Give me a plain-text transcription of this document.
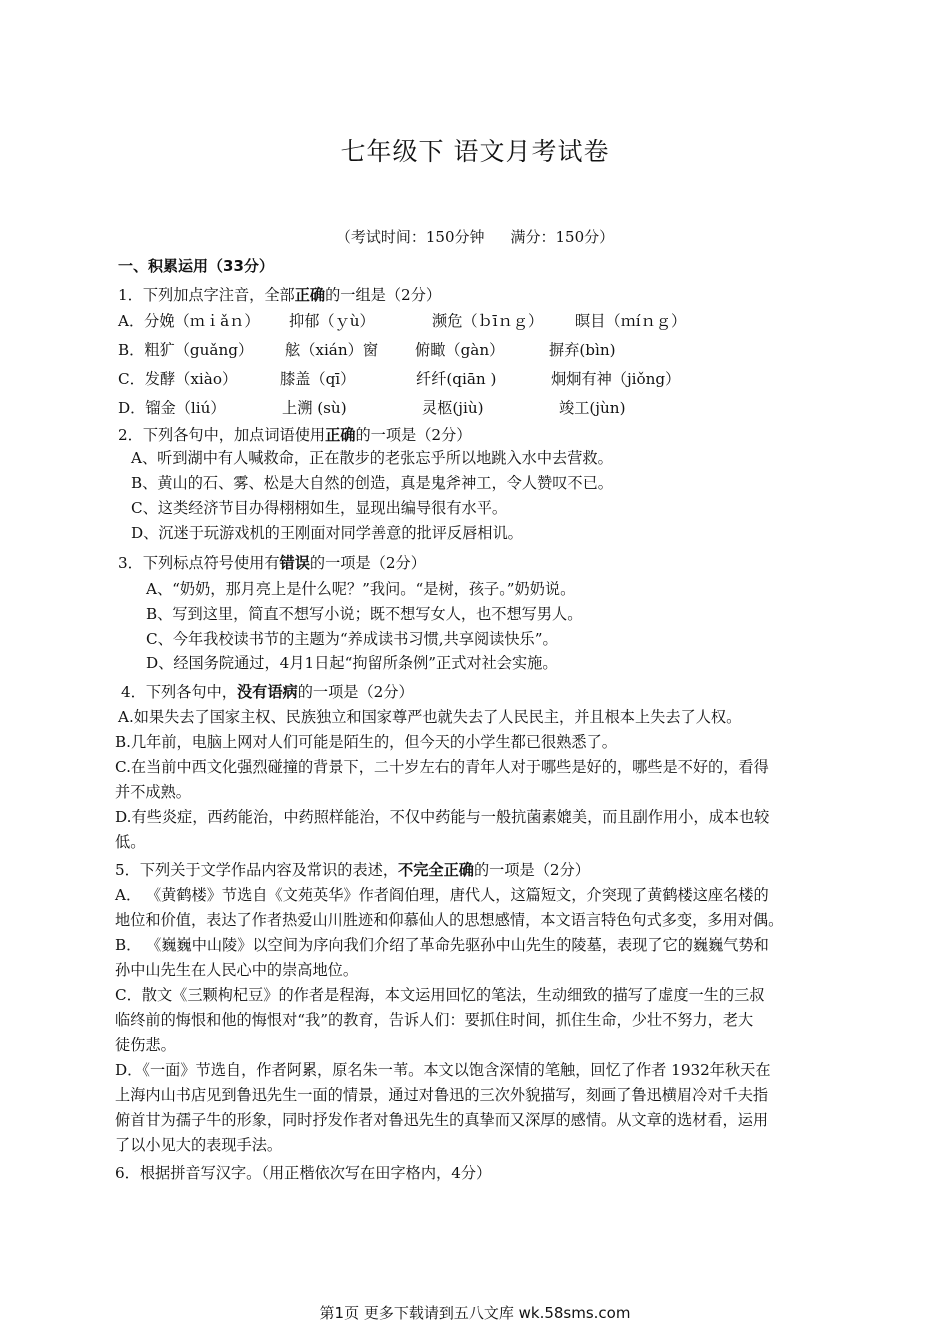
七年级下 语文月考试卷
（考试时间：150分钟 满分：150分）
一、积累运用（33分）
1．下列加点字注音，全部正确的一组是（2分）
A．分娩（ｍｉǎｎ） 抑郁（ｙù）	濒危（ｂīｎｇ） 暝目（ｍíｎｇ）
B．粗犷（guǎng） 舷（xián）窗 俯瞰（gàn）	摒弃(bìn)
C．发酵（xiào）	膝盖（qī）	纤纤(qiān )	炯炯有神（jiǒng）
D．镏金（liú）	上溯 (sù)	灵柩(jiù)	竣工(jùn)
2．下列各句中，加点词语使用正确的一项是（2分）
A、听到湖中有人喊救命，正在散步的老张忘乎所以地跳入水中去营救。
B、黄山的石、雾、松是大自然的创造，真是鬼斧神工，令人赞叹不已。
C、这类经济节目办得栩栩如生，显现出编导很有水平。
D、沉迷于玩游戏机的王刚面对同学善意的批评反唇相讥。
3．下列标点符号使用有错误的一项是（2分）
A、“奶奶，那月亮上是什么呢？”我问。“是树，孩子。”奶奶说。
B、写到这里，简直不想写小说；既不想写女人，也不想写男人。
C、今年我校读书节的主题为“养成读书习惯,共享阅读快乐”。
D、经国务院通过，4月1日起“拘留所条例”正式对社会实施。
4．下列各句中，没有语病的一项是（2分）
A.如果失去了国家主权、民族独立和国家尊严也就失去了人民民主，并且根本上失去了人权。
B.几年前，电脑上网对人们可能是陌生的，但今天的小学生都已很熟悉了。
C.在当前中西文化强烈碰撞的背景下，二十岁左右的青年人对于哪些是好的，哪些是不好的，看得
并不成熟。
D.有些炎症，西药能治，中药照样能治，不仅中药能与一般抗菌素媲美，而且副作用小，成本也较
低。
5．下列关于文学作品内容及常识的表述，不完全正确的一项是（2分）
A． 《黄鹤楼》节选自《文苑英华》作者阎伯理，唐代人，这篇短文，介突现了黄鹤楼这座名楼的
地位和价值，表达了作者热爱山川胜迹和仰慕仙人的思想感情，本文语言特色句式多变，多用对偶。
B． 《巍巍中山陵》以空间为序向我们介绍了革命先驱孙中山先生的陵墓，表现了它的巍巍气势和
孙中山先生在人民心中的崇高地位。
C．散文《三颗枸杞豆》的作者是程海，本文运用回忆的笔法，生动细致的描写了虚度一生的三叔
临终前的悔恨和他的悔恨对“我”的教育，告诉人们：要抓住时间，抓住生命，少壮不努力，老大
徒伤悲。
D．《一面》节选自，作者阿累，原名朱一苇。本文以饱含深情的笔触，回忆了作者 1932年秋天在
上海内山书店见到鲁迅先生一面的情景，通过对鲁迅的三次外貌描写，刻画了鲁迅横眉冷对千夫指
俯首甘为孺子牛的形象，同时抒发作者对鲁迅先生的真挚而又深厚的感情。从文章的选材看，运用
了以小见大的表现手法。
6．根据拼音写汉字。（用正楷依次写在田字格内，4分）
第1页 更多下载请到五八文库 wk.58sms.com
